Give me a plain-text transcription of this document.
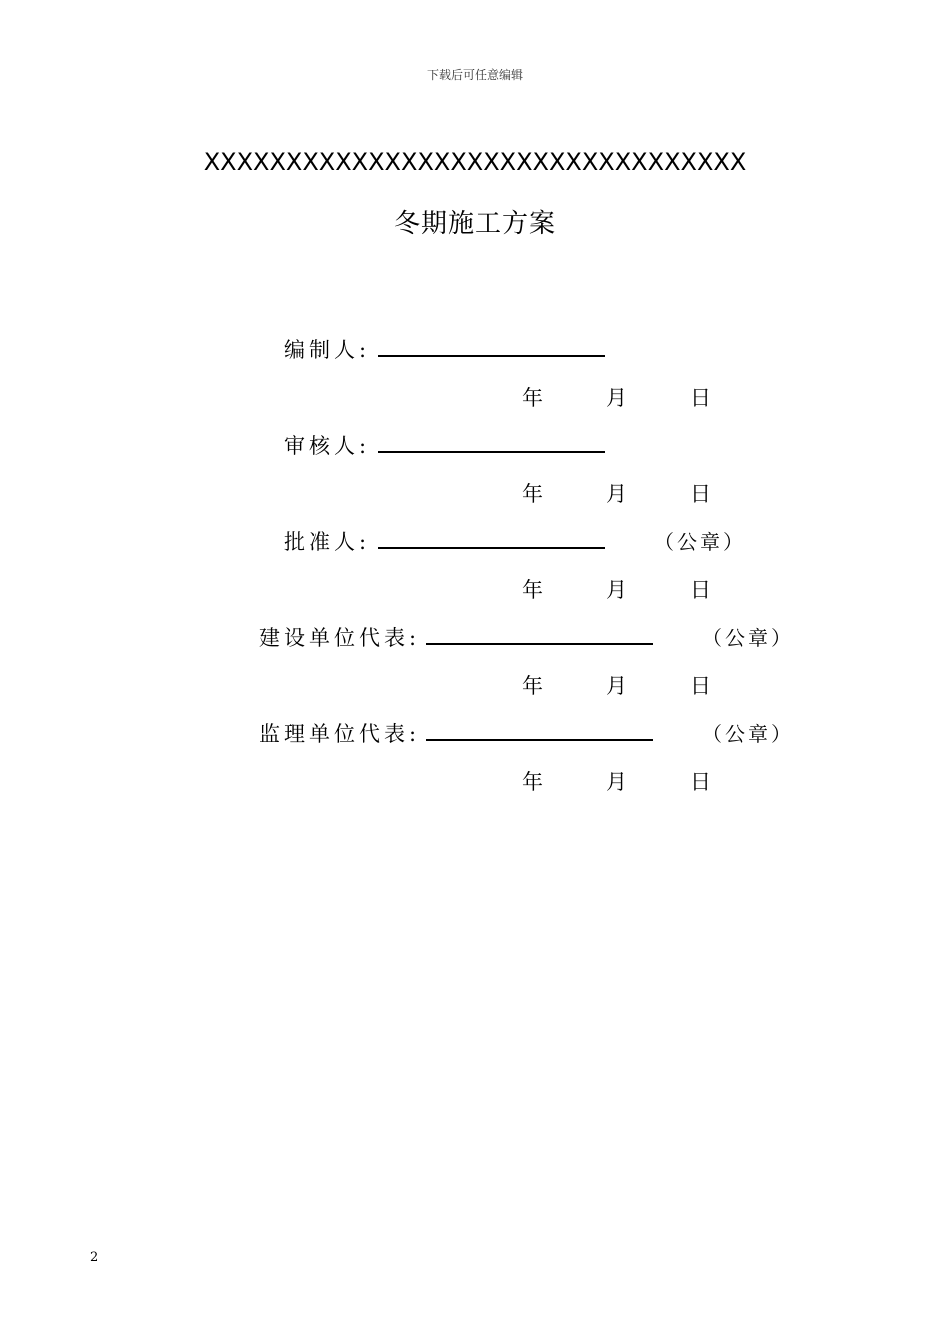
下载后可任意编辑
XXXXXXXXXXXXXXXXXXXXXXXXXXXXXXXXX
冬期施工方案
编制人:
年	月	日
审核人:
年	月	日
批准人:	（公章）
年	月	日
建设单位代表:	（公章）
年	月	日
监理单位代表:	（公章）
年	月	日
2
